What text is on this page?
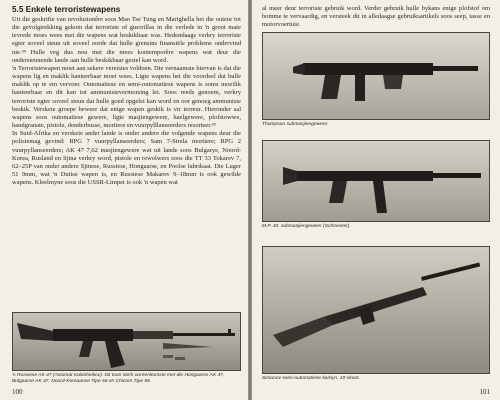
5.5 Enkele terroristewapens

Uit die geskrifte van revolusionêre soos Mao Tse Tung en Marighella het die outeur tot die gevolgtrekking gekom dat terroriste of guerrillas in die verlede in 'n groot mate tevrede moes wees met die wapens wat beskikbaar was. Hedendaags verkry terroriste egter soveel steun uit soveel oorde dat hulle grensins finansiële probleme ondervind nie.³⁴ Hulle veg dus nou met die mees kontemporêre wapens wat deur die ondersteunende lande aan hulle beskikbaar gestel kan word.

'n Terroristewapen moet aan sekere vereistes voldoen. Die vernaamste hiervan is dat die wapens lig en maklik hanteerbaar moet wees. Ligte wapens het die voordeel dat hulle maklik op te em vervoer. Outomatiese en semi-outomatiese wapens is soms moeilik hanteerbaar en dit kan tot ammunisievermorsing lei. Soos reeds genoem, verkry terroriste egter soveel steun dat hulle goed opgelei kan word en oor genoeg ammunisie beskik. Verskeie groepe beweer dat enige wapen geskik is vir terreur. Hieronder sal wapens soos outomatiese gewere, ligte masjiengewere, haelgewere, plofstowwe, handgranate, pistole, donderbusse, mortiere en vuurpylllanseerders resorteer.³⁵

In Suid-Afrika en verskeie ander lande is onder andere die volgende wapens deur die polisiemag gevind: RPG 7 vuurpyllanseerders; Sam 7-Strela mortiere; RPG 2 vuurpyllanseerders; AK 47 7,62 masjiengewere wat uit lande soos Bulgarye, Noord-Korea, Rusland en Sjina verkry word, pistole en rewolwers soos die TT 33 Tokarev 7, 62–25P van onder andere Sjinese, Russiese, Hongaarse, en Poolse fabrikaat. Die Luger 51 9mm, wat 'n Duitse wapen is, en Russiese Makarov 9–18mm is ook gewilde wapens. Kleelmyne soos die USSR-Limpet is ook 'n wapen wat

'n Russiese AK 47 (Avtomat Kalashnikov). Dit toon sterk ooreenkomste met die Hongaarse AK 47, Bulgaarse AK 47, Noord-Koreaanse Tipe 58 en Chicom Tipe 56.
100
al meer deur terroriste gebruik word. Verder gebruik hulle bykans enige plofstof om bomme te vervaardig, en versteek dit in alledaagse gebruiksartikels soos seep, tasse en motorvoertuie.
Thompson submasjiengeweer.
M.P. 40. submasjiengeweer (Schmeizer).
Simonov semi-outomatiese karbyn, 10-skoot.
101
